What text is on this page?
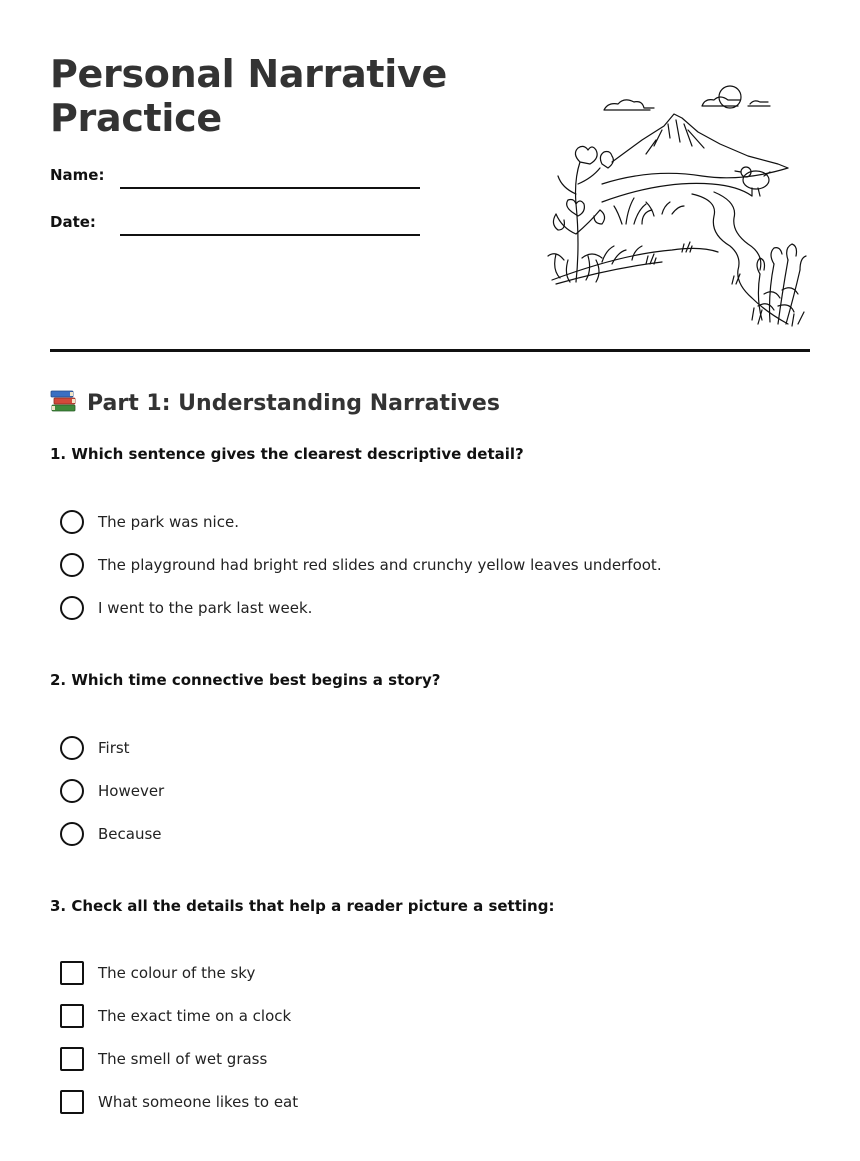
Personal Narrative
Practice
Name:
Date:
Part 1: Understanding Narratives

1. Which sentence gives the clearest descriptive detail?

The park was nice.
The playground had bright red slides and crunchy yellow leaves underfoot.
I went to the park last week.

2. Which time connective best begins a story?

First
However
Because

3. Check all the details that help a reader picture a setting:

The colour of the sky
The exact time on a clock
The smell of wet grass
What someone likes to eat
